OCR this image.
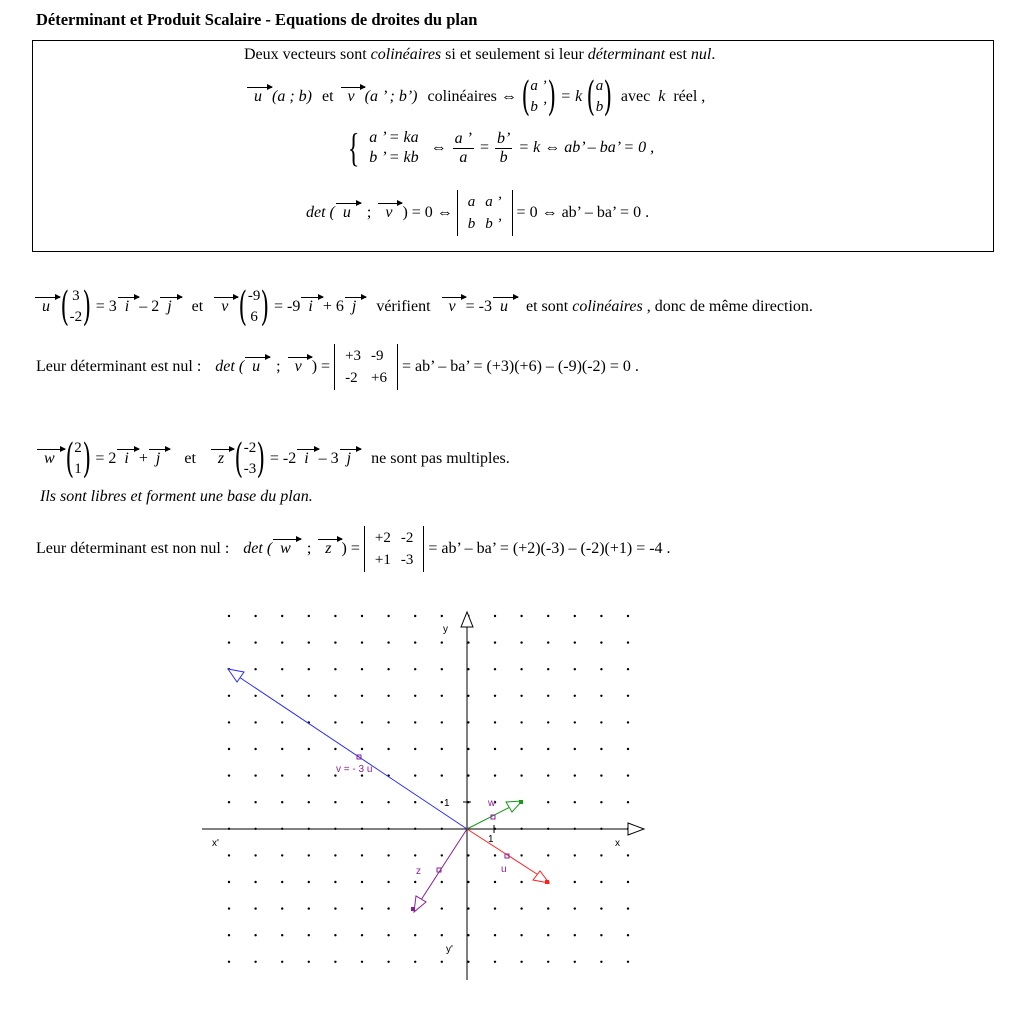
Déterminant et Produit Scalaire - Equations de droites du plan
Deux vecteurs sont colinéaires si et seulement si leur déterminant est nul.
u (a ; b) et v (a ’ ; b’) colinéaires ⇔ ( a ’
b ’ ) = k ( a
b ) avec k réel ,
{ a ’ = ka
b ’ = kb
⇔ $\frac{a ’}{a} = \frac{b’}{b} = k$ ⇔ ab’ – ba’ = 0 ,
det ( u	; v ) = 0 ⇔
a a ’
b b ’
= 0 ⇔ ab’ – ba’ = 0 .
u ( 3
-2 ) = 3 i – 2 j	et v ( -9
6 ) = -9 i + 6 j	vérifient v = -3 u	et sont colinéaires , donc de même direction.
Leur déterminant est nul : det ( u	; v ) =
+3 -9
-2 +6
= ab’ – ba’ = (+3)(+6) – (-9)(-2) = 0 .
w ( 2
1 ) = 2 i + j	et z ( -2
-3 ) = -2 i – 3 j	ne sont pas multiples.
Ils sont libres et forment une base du plan.
Leur déterminant est non nul : det ( w	; z ) =
+2 -2
+1 -3
= ab’ – ba’ = (+2)(-3) – (-2)(+1) = -4 .
y
y'
x
x'
1
1
v = - 3 u
w
u
z
